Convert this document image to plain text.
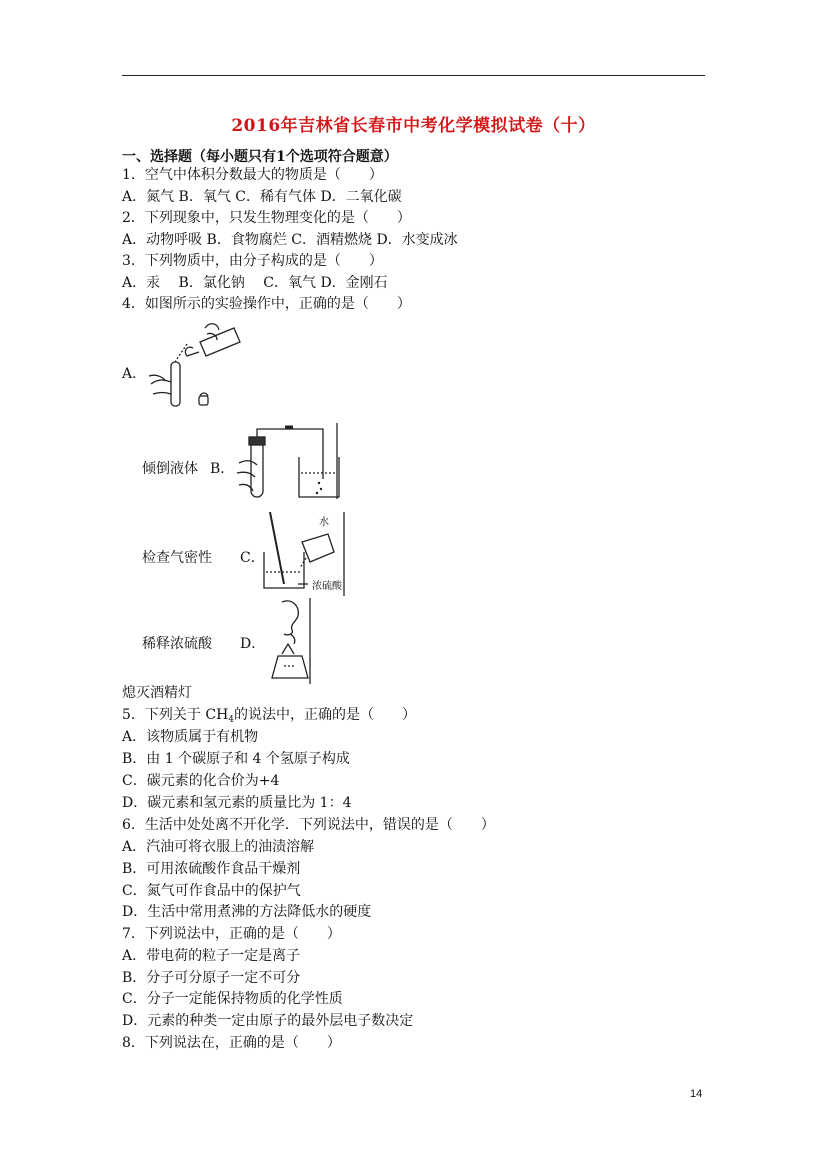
2016年吉林省长春市中考化学模拟试卷（十）
一、选择题（每小题只有1个选项符合题意）
1．空气中体积分数最大的物质是（　　）
A．氮气 B．氧气 C．稀有气体 D．二氧化碳
2．下列现象中，只发生物理变化的是（　　）
A．动物呼吸 B．食物腐烂 C．酒精燃烧 D．水变成冰
3．下列物质中，由分子构成的是（　　）
A．汞　 B．氯化钠　 C．氧气 D．金刚石
4．如图所示的实验操作中，正确的是（　　）
A．
倾倒液体 B．
检查气密性 C．
水
浓硫酸
稀释浓硫酸 D．
熄灭酒精灯
5．下列关于 $CH_4$的说法中，正确的是（　　）
A．该物质属于有机物
B．由 1 个碳原子和 4 个氢原子构成
C．碳元素的化合价为+4
D．碳元素和氢元素的质量比为 1：4
6．生活中处处离不开化学．下列说法中，错误的是（　　）
A．汽油可将衣服上的油渍溶解
B．可用浓硫酸作食品干燥剂
C．氮气可作食品中的保护气
D．生活中常用煮沸的方法降低水的硬度
7．下列说法中，正确的是（　　）
A．带电荷的粒子一定是离子
B．分子可分原子一定不可分
C．分子一定能保持物质的化学性质
D．元素的种类一定由原子的最外层电子数决定
8．下列说法在，正确的是（　　）
14
